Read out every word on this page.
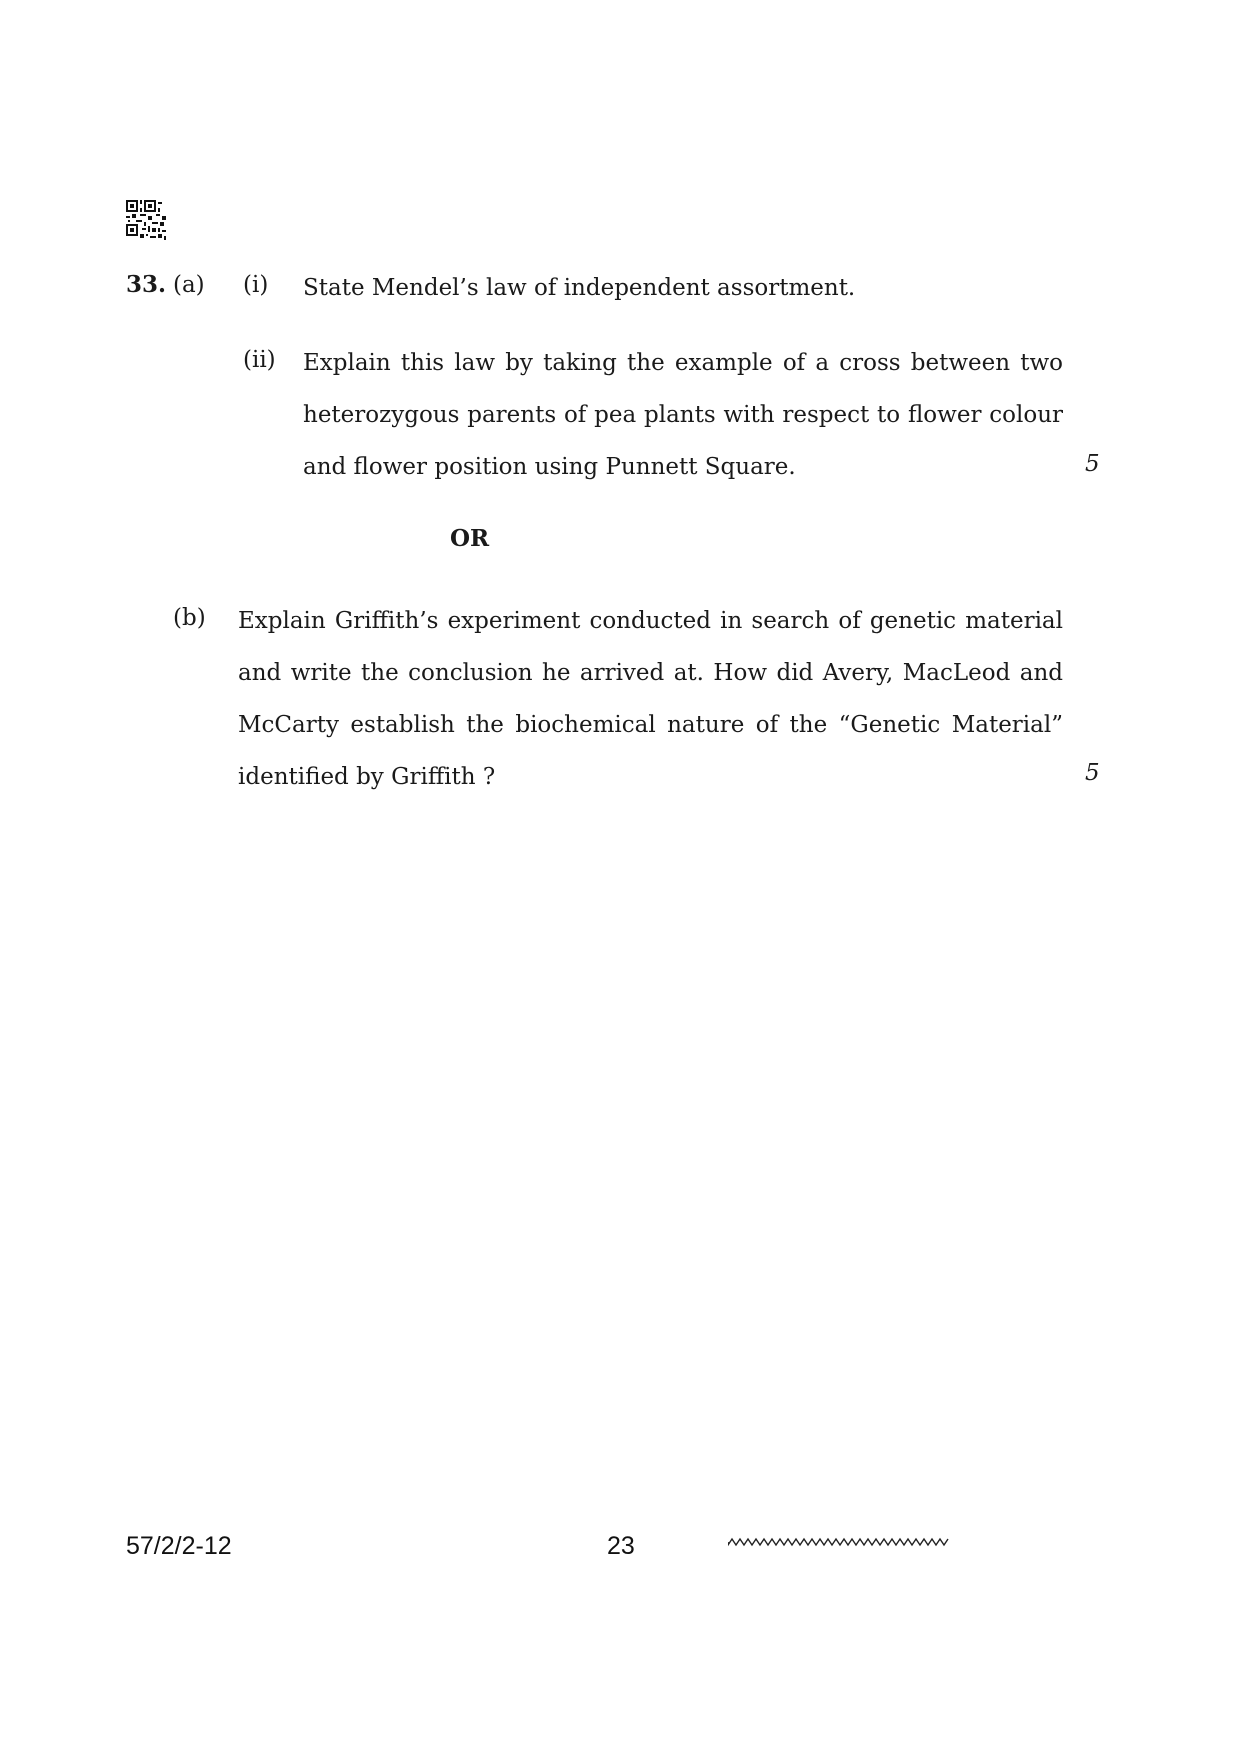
33. (a) (i)
(ii)
State Mendel’s law of independent assortment.
Explain this law by taking the example of a cross between two
heterozygous parents of pea plants with respect to flower colour
and flower position using Punnett Square.	5
OR
(b) Explain Griffith’s experiment conducted in search of genetic material
and write the conclusion he arrived at. How did Avery, MacLeod and
McCarty establish the biochemical nature of the “Genetic Material”
identified by Griffith ?	5
57/2/2-12	23
